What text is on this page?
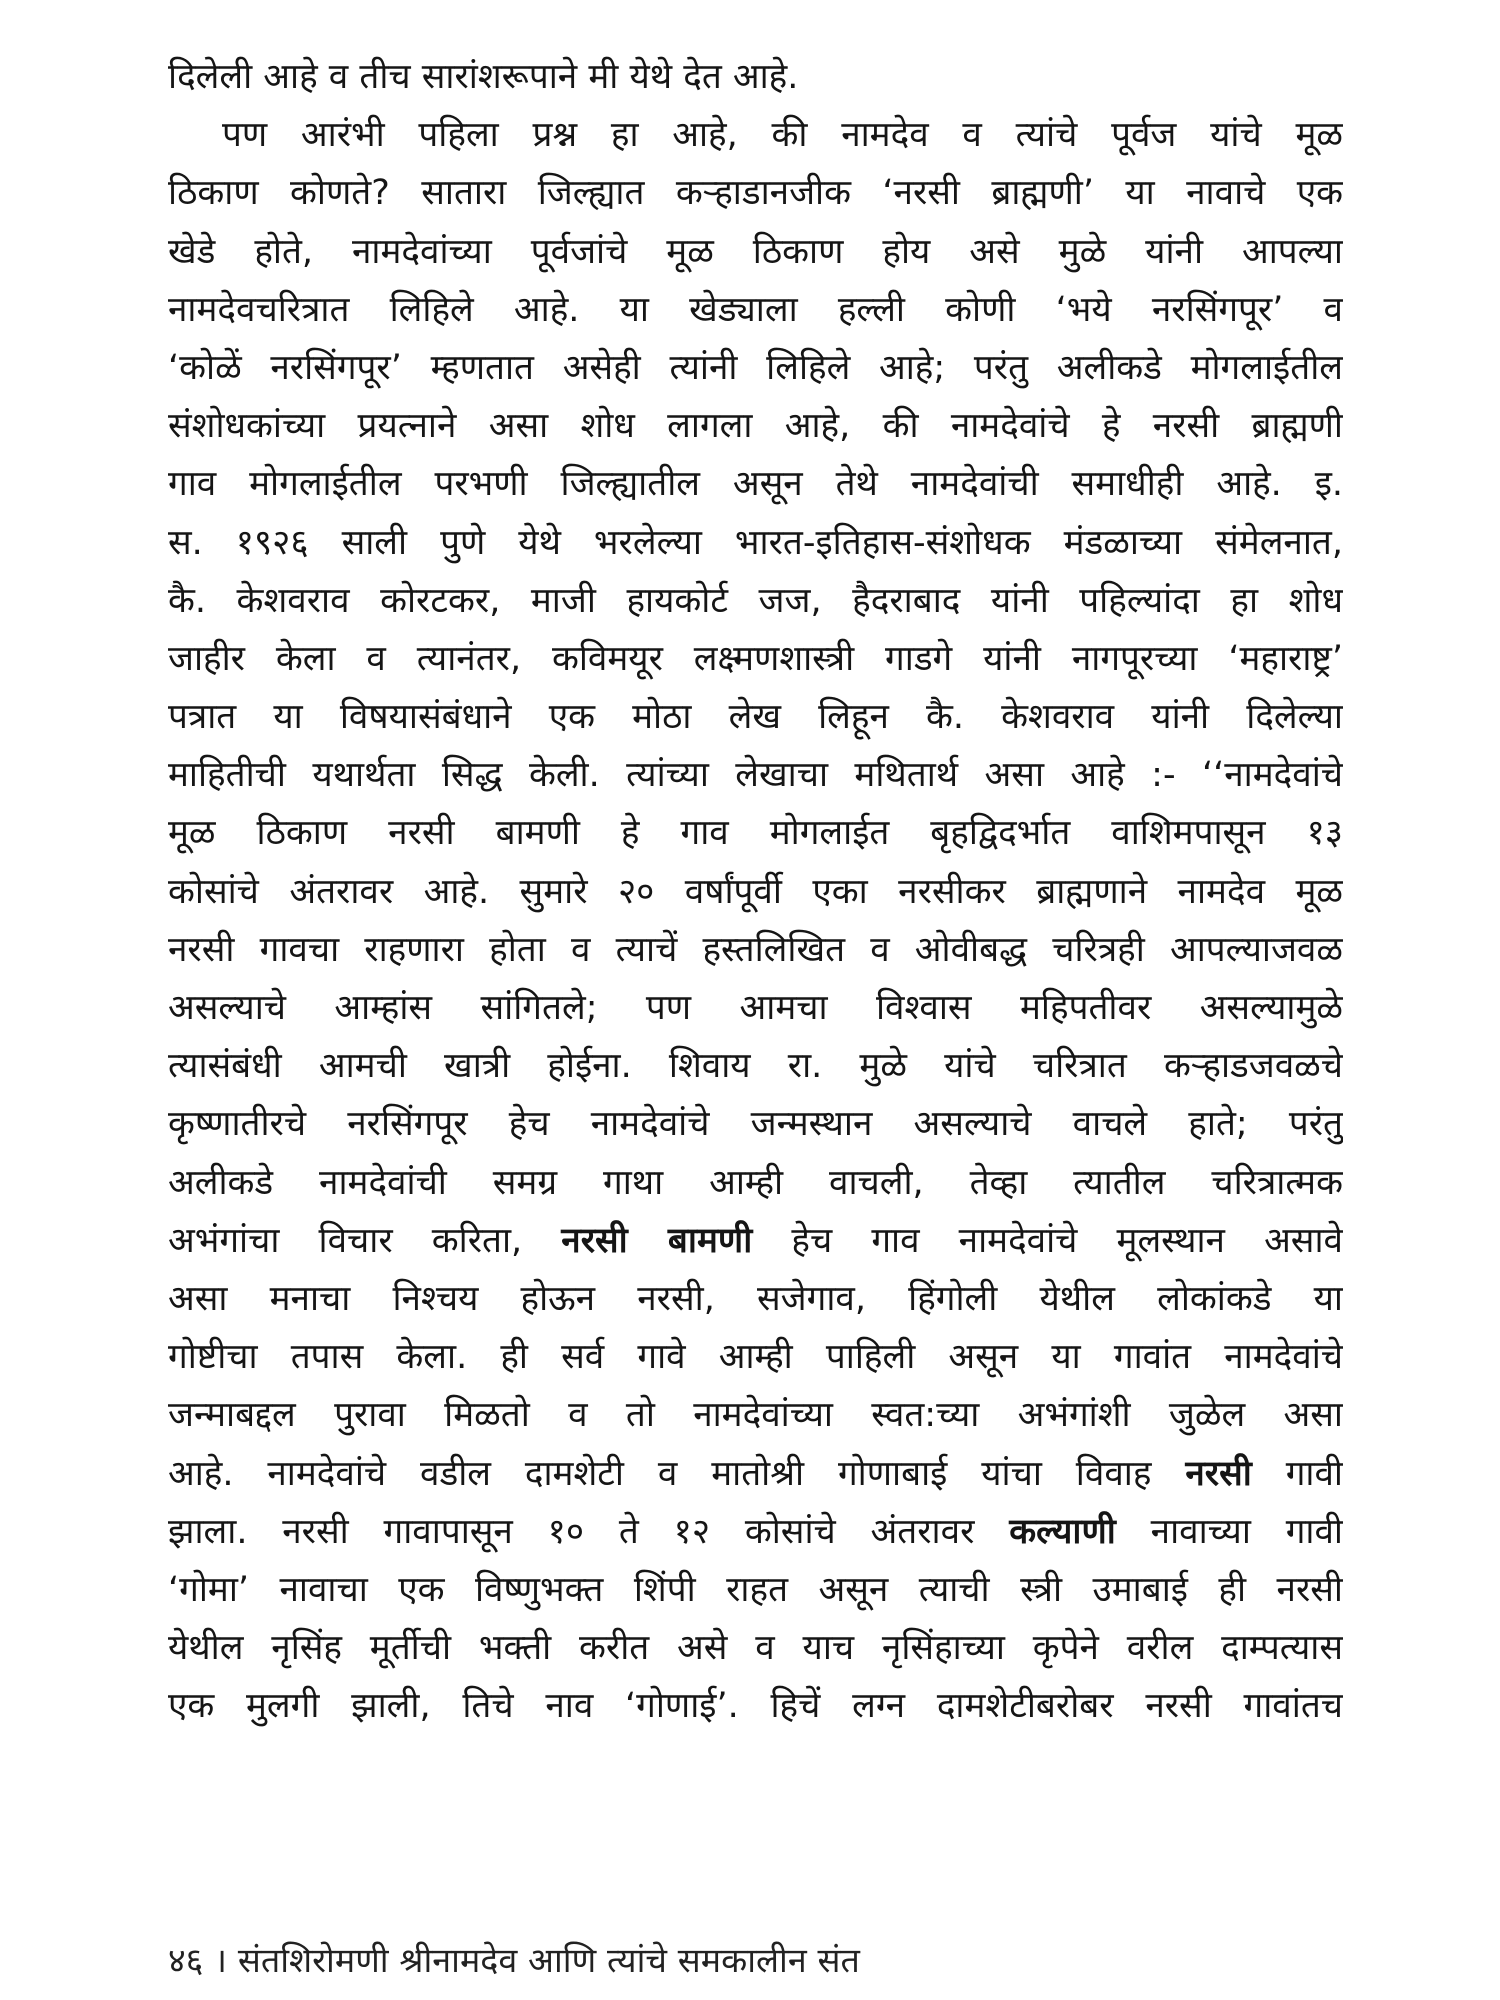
दिलेली आहे व तीच सारांशरूपाने मी येथे देत आहे.
पण आरंभी पहिला प्रश्न हा आहे, की नामदेव व त्यांचे पूर्वज यांचे मूळ
ठिकाण कोणते? सातारा जिल्ह्यात कऱ्हाडानजीक ‘नरसी ब्राह्मणी’ या नावाचे एक
खेडे होते, नामदेवांच्या पूर्वजांचे मूळ ठिकाण होय असे मुळे यांनी आपल्या
नामदेवचरित्रात लिहिले आहे. या खेड्याला हल्ली कोणी ‘भये नरसिंगपूर’ व
‘कोळें नरसिंगपूर’ म्हणतात असेही त्यांनी लिहिले आहे; परंतु अलीकडे मोगलाईतील
संशोधकांच्या प्रयत्नाने असा शोध लागला आहे, की नामदेवांचे हे नरसी ब्राह्मणी
गाव मोगलाईतील परभणी जिल्ह्यातील असून तेथे नामदेवांची समाधीही आहे. इ.
स. १९२६ साली पुणे येथे भरलेल्या भारत-इतिहास-संशोधक मंडळाच्या संमेलनात,
कै. केशवराव कोरटकर, माजी हायकोर्ट जज, हैदराबाद यांनी पहिल्यांदा हा शोध
जाहीर केला व त्यानंतर, कविमयूर लक्ष्मणशास्त्री गाडगे यांनी नागपूरच्या ‘महाराष्ट्र’
पत्रात या विषयासंबंधाने एक मोठा लेख लिहून कै. केशवराव यांनी दिलेल्या
माहितीची यथार्थता सिद्ध केली. त्यांच्या लेखाचा मथितार्थ असा आहे :- ‘‘नामदेवांचे
मूळ ठिकाण नरसी बामणी हे गाव मोगलाईत बृहद्विदर्भात वाशिमपासून १३
कोसांचे अंतरावर आहे. सुमारे २० वर्षांपूर्वी एका नरसीकर ब्राह्मणाने नामदेव मूळ
नरसी गावचा राहणारा होता व त्याचें हस्तलिखित व ओवीबद्ध चरित्रही आपल्याजवळ
असल्याचे आम्हांस सांगितले; पण आमचा विश्वास महिपतीवर असल्यामुळे
त्यासंबंधी आमची खात्री होईना. शिवाय रा. मुळे यांचे चरित्रात कऱ्हाडजवळचे
कृष्णातीरचे नरसिंगपूर हेच नामदेवांचे जन्मस्थान असल्याचे वाचले हाते; परंतु
अलीकडे नामदेवांची समग्र गाथा आम्ही वाचली, तेव्हा त्यातील चरित्रात्मक
अभंगांचा विचार करिता, नरसी बामणी हेच गाव नामदेवांचे मूलस्थान असावे
असा मनाचा निश्चय होऊन नरसी, सजेगाव, हिंगोली येथील लोकांकडे या
गोष्टीचा तपास केला. ही सर्व गावे आम्ही पाहिली असून या गावांत नामदेवांचे
जन्माबद्दल पुरावा मिळतो व तो नामदेवांच्या स्वत:च्या अभंगांशी जुळेल असा
आहे. नामदेवांचे वडील दामशेटी व मातोश्री गोणाबाई यांचा विवाह नरसी गावी
झाला. नरसी गावापासून १० ते १२ कोसांचे अंतरावर कल्याणी नावाच्या गावी
‘गोमा’ नावाचा एक विष्णुभक्त शिंपी राहत असून त्याची स्त्री उमाबाई ही नरसी
येथील नृसिंह मूर्तीची भक्ती करीत असे व याच नृसिंहाच्या कृपेने वरील दाम्पत्यास
एक मुलगी झाली, तिचे नाव ‘गोणाई’. हिचें लग्न दामशेटीबरोबर नरसी गावांतच
४६ । संतशिरोमणी श्रीनामदेव आणि त्यांचे समकालीन संत
